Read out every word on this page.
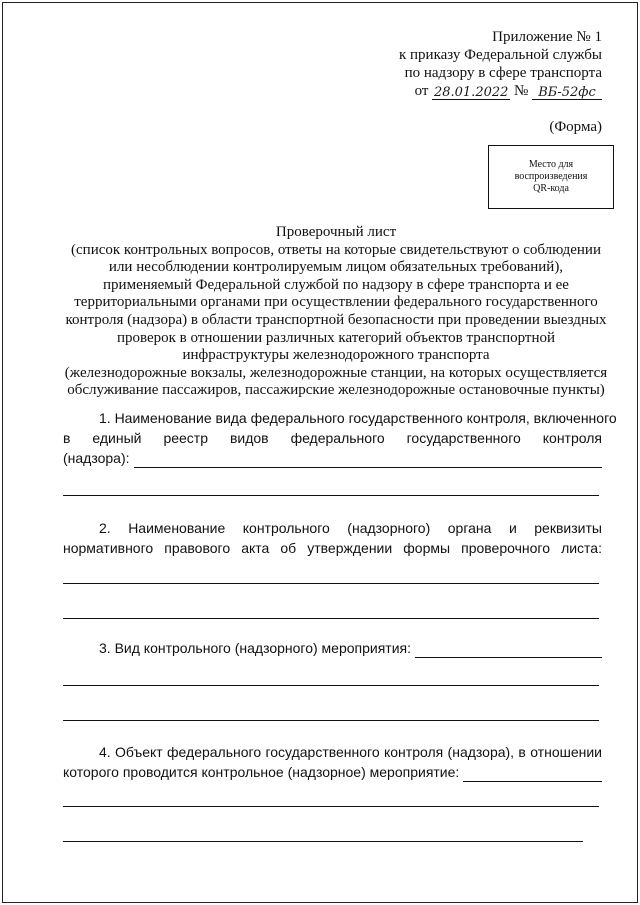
Приложение № 1
к приказу Федеральной службы
по надзору в сфере транспорта
от 28.01.2022 № ВБ-52фс
(Форма)
Место для
воспроизведения
QR-кода
Проверочный лист
(список контрольных вопросов, ответы на которые свидетельствуют о соблюдении
или несоблюдении контролируемым лицом обязательных требований),
применяемый Федеральной службой по надзору в сфере транспорта и ее
территориальными органами при осуществлении федерального государственного
контроля (надзора) в области транспортной безопасности при проведении выездных
проверок в отношении различных категорий объектов транспортной
инфраструктуры железнодорожного транспорта
(железнодорожные вокзалы, железнодорожные станции, на которых осуществляется
обслуживание пассажиров, пассажирские железнодорожные остановочные пункты)
1. Наименование вида федерального государственного контроля, включенного
в единый реестр видов федерального государственного контроля
(надзора):
2. Наименование контрольного (надзорного) органа и реквизиты
нормативного правового акта об утверждении формы проверочного листа:
3. Вид контрольного (надзорного) мероприятия:
4. Объект федерального государственного контроля (надзора), в отношении
которого проводится контрольное (надзорное) мероприятие:
